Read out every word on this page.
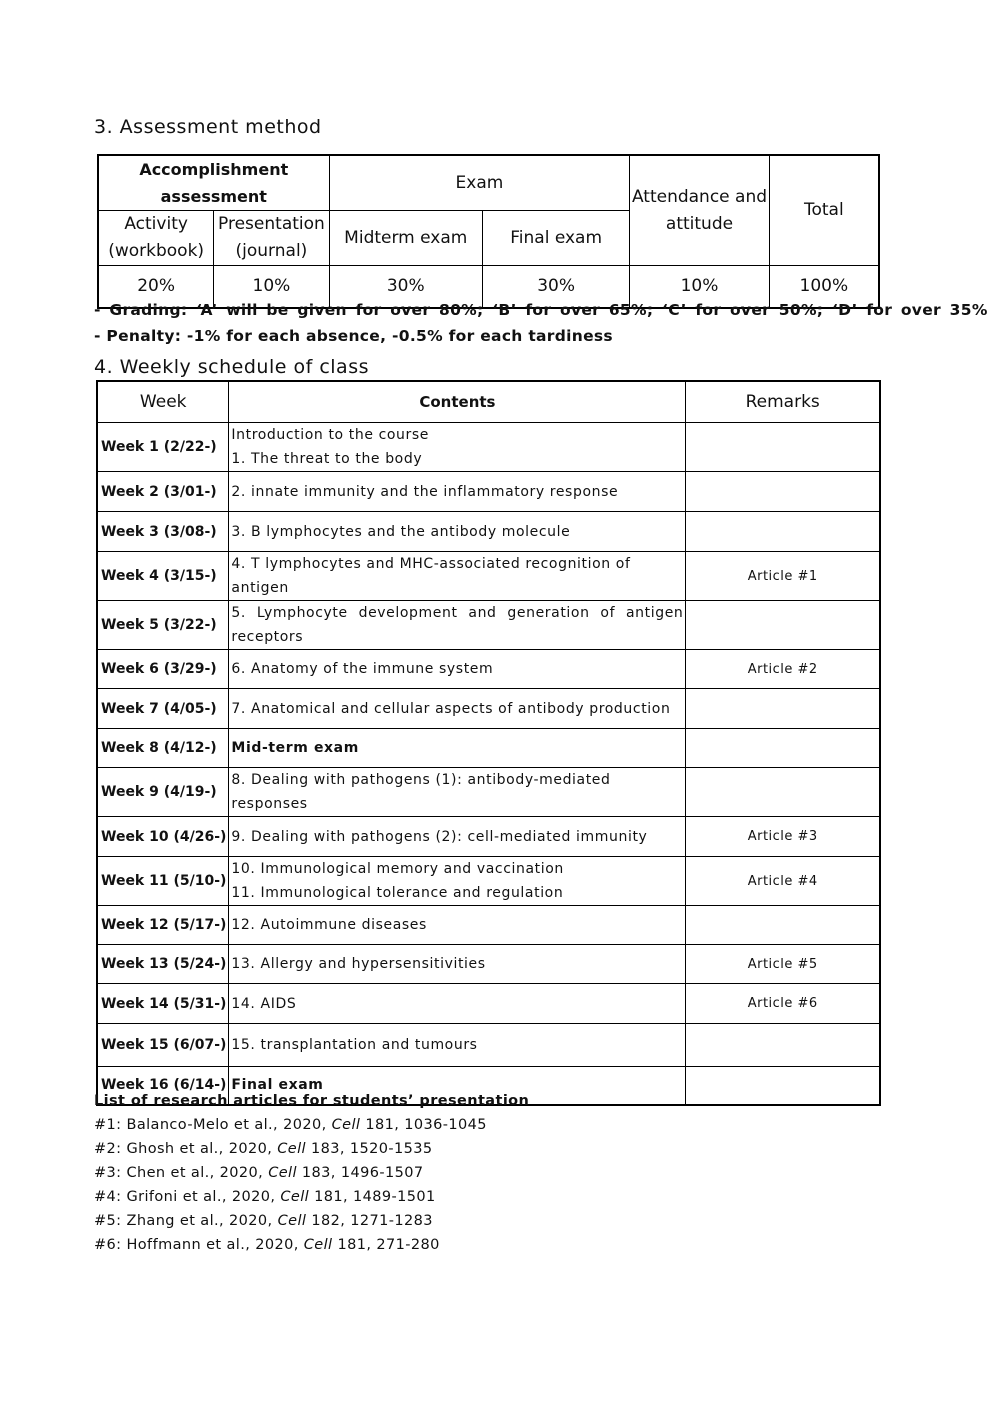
3. Assessment method
Accomplishment assessment		Exam		Attendance and attitude	Total
Activity (workbook)	Presentation (journal)	Midterm exam	Final exam		
20%	10%	30%	30%	10%	100%
- Grading: ‘A’ will be given for over 80%; ‘B’ for over 65%; ‘C’ for over 50%; ‘D’ for over 35%
- Penalty: -1% for each absence, -0.5% for each tardiness
4. Weekly schedule of class
Week	Contents	Remarks
Week 1 (2/22-)	Introduction to the course
1. The threat to the body	

Week 2 (3/01-)	2. innate immunity and the inflammatory response	

Week 3 (3/08-)	3. B lymphocytes and the antibody molecule	

Week 4 (3/15-)	4. T lymphocytes and MHC-associated recognition of antigen	Article #1
Week 5 (3/22-)	5. Lymphocyte development and generation of antigen receptors	

Week 6 (3/29-)	6. Anatomy of the immune system	Article #2
Week 7 (4/05-)	7. Anatomical and cellular aspects of antibody production	

Week 8 (4/12-)	Mid-term exam	

Week 9 (4/19-)	8. Dealing with pathogens (1): antibody-mediated responses	

Week 10 (4/26-)	9. Dealing with pathogens (2): cell-mediated immunity	Article #3
Week 11 (5/10-)	10. Immunological memory and vaccination
11. Immunological tolerance and regulation	Article #4
Week 12 (5/17-)	12. Autoimmune diseases	

Week 13 (5/24-)	13. Allergy and hypersensitivities	Article #5
Week 14 (5/31-)	14. AIDS	Article #6
Week 15 (6/07-)	15. transplantation and tumours	

Week 16 (6/14-)	Final exam	

List of research articles for students’ presentation
#1: Balanco-Melo et al., 2020, Cell 181, 1036-1045
#2: Ghosh et al., 2020, Cell 183, 1520-1535
#3: Chen et al., 2020, Cell 183, 1496-1507
#4: Grifoni et al., 2020, Cell 181, 1489-1501
#5: Zhang et al., 2020, Cell 182, 1271-1283
#6: Hoffmann et al., 2020, Cell 181, 271-280
